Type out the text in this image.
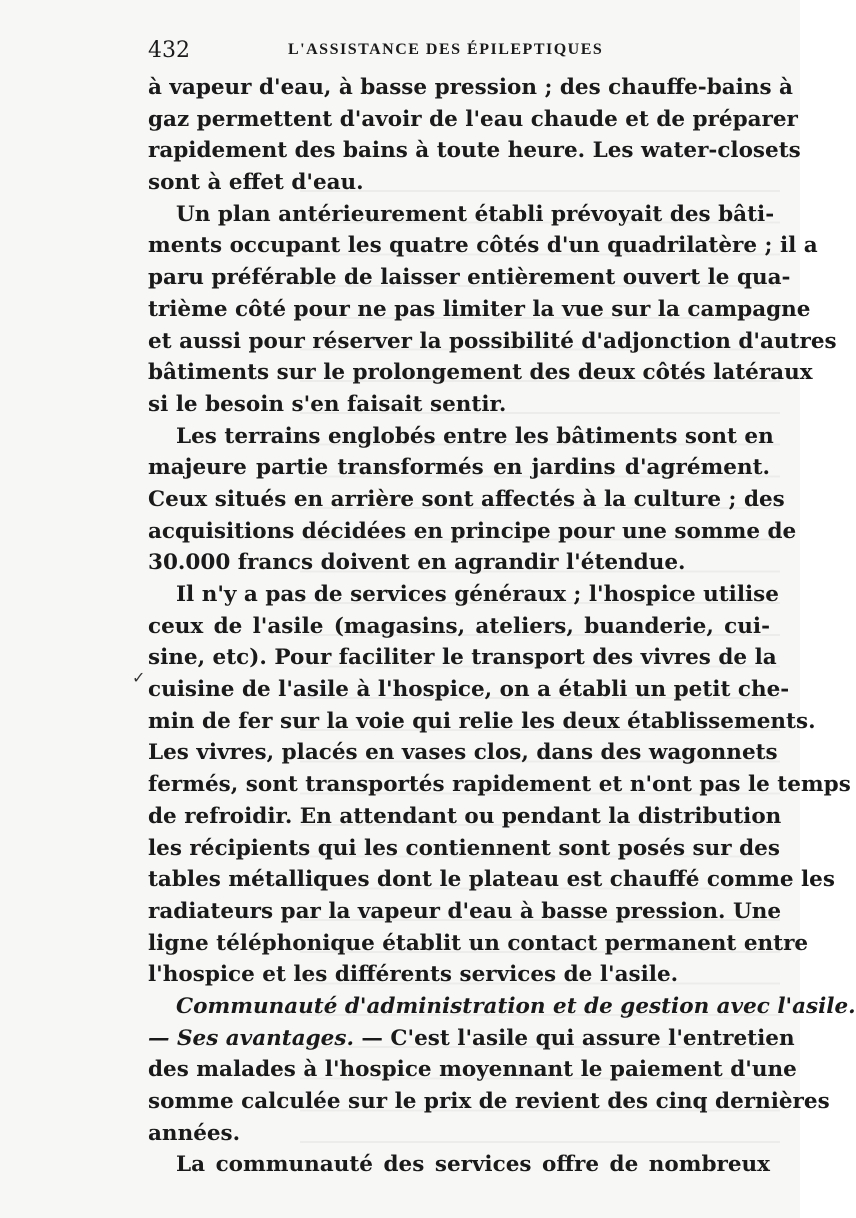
432	L'ASSISTANCE DES ÉPILEPTIQUES
✓
à vapeur d'eau, à basse pression ; des chauffe-bains à
gaz permettent d'avoir de l'eau chaude et de préparer
rapidement des bains à toute heure. Les water-closets
sont à effet d'eau.
Un plan antérieurement établi prévoyait des bâti-
ments occupant les quatre côtés d'un quadrilatère ; il a
paru préférable de laisser entièrement ouvert le qua-
trième côté pour ne pas limiter la vue sur la campagne
et aussi pour réserver la possibilité d'adjonction d'autres
bâtiments sur le prolongement des deux côtés latéraux
si le besoin s'en faisait sentir.
Les terrains englobés entre les bâtiments sont en
majeure partie transformés en jardins d'agrément.
Ceux situés en arrière sont affectés à la culture ; des
acquisitions décidées en principe pour une somme de
30.000 francs doivent en agrandir l'étendue.
Il n'y a pas de services généraux ; l'hospice utilise
ceux de l'asile (magasins, ateliers, buanderie, cui-
sine, etc). Pour faciliter le transport des vivres de la
cuisine de l'asile à l'hospice, on a établi un petit che-
min de fer sur la voie qui relie les deux établissements.
Les vivres, placés en vases clos, dans des wagonnets
fermés, sont transportés rapidement et n'ont pas le temps
de refroidir. En attendant ou pendant la distribution
les récipients qui les contiennent sont posés sur des
tables métalliques dont le plateau est chauffé comme les
radiateurs par la vapeur d'eau à basse pression. Une
ligne téléphonique établit un contact permanent entre
l'hospice et les différents services de l'asile.
Communauté d'administration et de gestion avec l'asile.
— Ses avantages. — C'est l'asile qui assure l'entretien
des malades à l'hospice moyennant le paiement d'une
somme calculée sur le prix de revient des cinq dernières
années.
La communauté des services offre de nombreux
